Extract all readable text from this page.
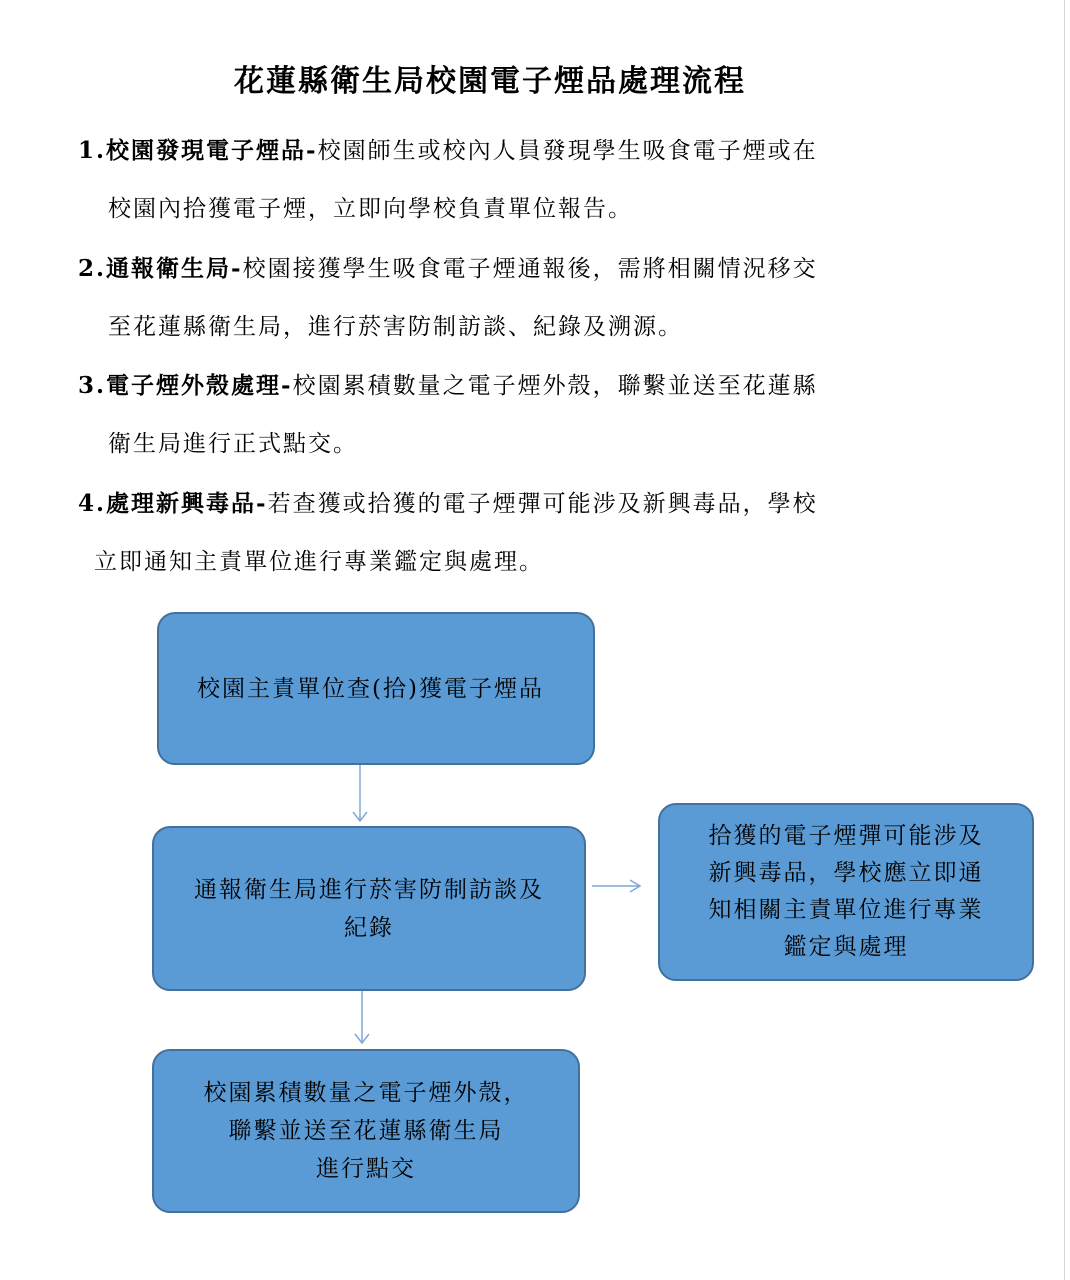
花蓮縣衛生局校園電子煙品處理流程
1.校園發現電子煙品-校園師生或校內人員發現學生吸食電子煙或在
校園內拾獲電子煙，立即向學校負責單位報告。
2.通報衛生局-校園接獲學生吸食電子煙通報後，需將相關情況移交
至花蓮縣衛生局，進行菸害防制訪談、紀錄及溯源。
3.電子煙外殼處理-校園累積數量之電子煙外殼，聯繫並送至花蓮縣
衛生局進行正式點交。
4.處理新興毒品-若查獲或拾獲的電子煙彈可能涉及新興毒品，學校
立即通知主責單位進行專業鑑定與處理。
校園主責單位查(拾)獲電子煙品
通報衛生局進行菸害防制訪談及
紀錄
拾獲的電子煙彈可能涉及
新興毒品，學校應立即通
知相關主責單位進行專業
鑑定與處理
校園累積數量之電子煙外殼，
聯繫並送至花蓮縣衛生局
進行點交
